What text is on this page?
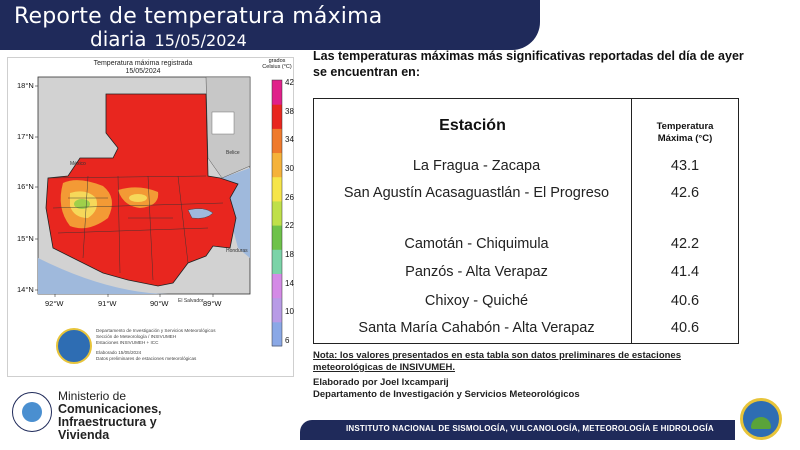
Reporte de temperatura máxima
diaria 15/05/2024
Temperatura máxima registrada
15/05/2024
18°N
17°N
16°N
15°N
14°N
92°W	91°W	90°W	89°W
México
Belice
Honduras
El Salvador
grados
Celsius (°C)
42
38
34
30
26
22
18
14
10
6
Departamento de Investigación y Servicios Meteorológicos
Sección de Meteorología / INSIVUMEH
Estaciones INSIVUMEH + ICC
Elaborado 15/05/2024
Datos preliminares de estaciones meteorológicas
Las temperaturas máximas más significativas reportadas del día de ayer se encuentran en:
Estación	Temperatura
Máxima (°C)
La Fragua - Zacapa	43.1
San Agustín Acasaguastlán - El Progreso	42.6
Camotán - Chiquimula	42.2
Panzós - Alta Verapaz	41.4
Chixoy - Quiché	40.6
Santa María Cahabón - Alta Verapaz	40.6
Nota: los valores presentados en esta tabla son datos preliminares de estaciones meteorológicas de INSIVUMEH.
Elaborado por Joel Ixcamparij
Departamento de Investigación y Servicios Meteorológicos
Ministerio de
Comunicaciones,
Infraestructura y
Vivienda	INSTITUTO NACIONAL DE SISMOLOGÍA, VULCANOLOGÍA, METEOROLOGÍA E HIDROLOGÍA
